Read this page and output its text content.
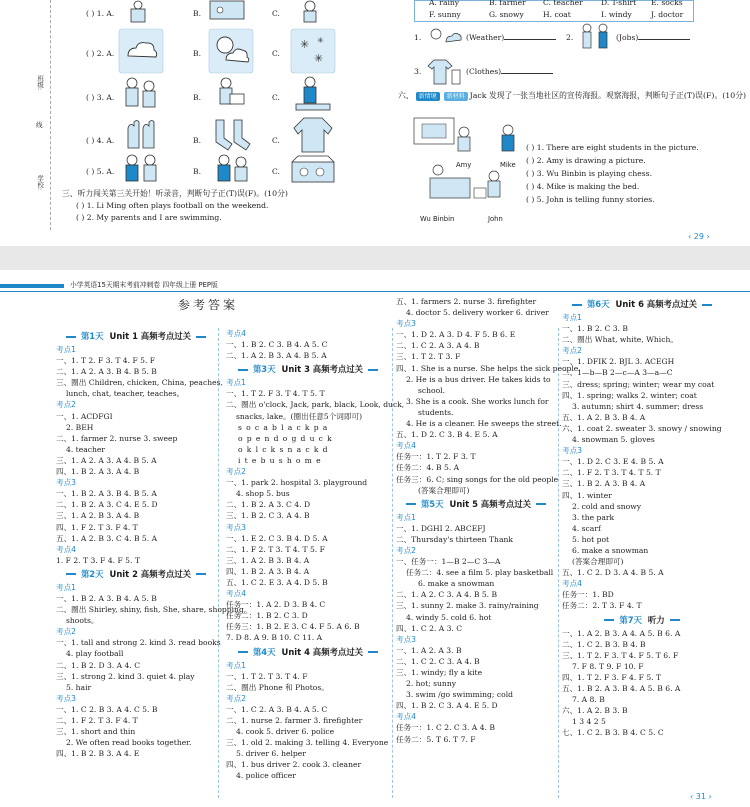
班级:
线
学校:
( ) 1. A.	B.	C.
( ) 2. A.	B.	C.
✳
✳
✳
( ) 3. A.	B.	C.
( ) 4. A.	B.	C.
( ) 5. A.	B.	C.
三、听力闯关第三关开始！听录音，判断句子正(T)误(F)。(10分)
( ) 1. Li Ming often plays football on the weekend.
( ) 2. My parents and I are swimming.
A. rainy	B. farmer C. teacher D. T-shirt E. socks
F. sunny	G. snowy	H. coat	I. windy	J. doctor
1.	(Weather)	2.	(Jobs)
3.	(Clothes)
六、 新情境 新材料 Jack 发现了一张当地社区的宣传海报。观察海报，判断句子正(T)误(F)。(10分)
Amy	Mike
Wu Binbin	John
( ) 1. There are eight students in the picture.
( ) 2. Amy is drawing a picture.
( ) 3. Wu Binbin is playing chess.
( ) 4. Mike is making the bed.
( ) 5. John is telling funny stories.
‹ 29 ›
小学英语15天期末考前冲刺卷 四年级上册 PEP版
参考答案
第1天 Unit 1 高频考点过关
考点1
一、1. T 2. F 3. T 4. F 5. F
二、1. A 2. A 3. B 4. B 5. B
三、圈出 Children, chicken, China, peaches,
lunch, chat, teacher, teaches。
考点2
一、1. ACDFGI
2. BEH
二、1. farmer 2. nurse 3. sweep
4. teacher
三、1. A 2. A 3. A 4. B 5. A
四、1. B 2. A 3. A 4. B
考点3
一、1. B 2. A 3. B 4. B 5. A
二、1. B 2. A 3. C 4. E 5. D
三、1. A 2. B 3. A 4. B
四、1. F 2. T 3. F 4. T
五、1. A 2. B 3. C 4. B 5. A
考点4
1. F 2. T 3. F 4. F 5. T
第2天 Unit 2 高频考点过关
考点1
一、1. B 2. A 3. B 4. A 5. B
二、圈出 Shirley, shiny, fish, She, share, shopping,
shoots。
考点2
一、1. tall and strong 2. kind 3. read books
4. play football
二、1. B 2. D 3. A 4. C
三、1. strong 2. kind 3. quiet 4. play
5. hair
考点3
一、1. C 2. B 3. A 4. C 5. B
二、1. F 2. T 3. F 4. T
三、1. short and thin
2. We often read books together.
四、1. B 2. B 3. A 4. E
考点4
一、1. B 2. C 3. B 4. A 5. C
二、1. A 2. B 3. A 4. B 5. A
第3天 Unit 3 高频考点过关
考点1
一、1. T 2. F 3. T 4. T 5. T
二、圈出 o'clock, Jack, park, black, Look, duck,
snacks, lake。(圈出任意5个词即可)
socablackpa
opendogduck
oklcksnackd
itebushome
考点2
一、1. park 2. hospital 3. playground
4. shop 5. bus
二、1. B 2. A 3. C 4. D
三、1. B 2. C 3. A 4. B
考点3
一、1. E 2. C 3. B 4. D 5. A
二、1. F 2. T 3. T 4. T 5. F
三、1. A 2. B 3. B 4. A
四、1. B 2. A 3. B 4. A
五、1. C 2. E 3. A 4. D 5. B
考点4
任务一：1. A 2. D 3. B 4. C
任务二：1. B 2. C 3. D
任务三：1. B 2. E 3. C 4. F 5. A 6. B
7. D 8. A 9. B 10. C 11. A
第4天 Unit 4 高频考点过关
考点1
一、1. T 2. T 3. T 4. F
二、圈出 Phone 和 Photos。
考点2
一、1. C 2. A 3. B 4. A 5. C
二、1. nurse 2. farmer 3. firefighter
4. cook 5. driver 6. police
三、1. old 2. making 3. telling 4. Everyone
5. driver 6. helper
四、1. bus driver 2. cook 3. cleaner
4. police officer
五、1. farmers 2. nurse 3. firefighter
4. doctor 5. delivery worker 6. driver
考点3
一、1. D 2. A 3. D 4. F 5. B 6. E
二、1. C 2. A 3. A 4. B
三、1. T 2. T 3. F
四、1. She is a nurse. She helps the sick people.
2. He is a bus driver. He takes kids to
school.
3. She is a cook. She works lunch for
students.
4. He is a cleaner. He sweeps the street.
五、1. D 2. C 3. B 4. E 5. A
考点4
任务一：1. T 2. F 3. T
任务二：4. B 5. A
任务三：6. C; sing songs for the old people
(答案合理即可)
第5天 Unit 5 高频考点过关
考点1
一、1. DGHI 2. ABCEFJ
二、Thursday's thirteen Thank
考点2
一、任务一：1—B 2—C 3—A
任务二：4. see a film 5. play basketball
6. make a snowman
二、1. A 2. C 3. A 4. B 5. B
三、1. sunny 2. make 3. rainy/raining
4. windy 5. cold 6. hot
四、1. C 2. A 3. C
考点3
一、1. A 2. A 3. B
二、1. C 2. C 3. A 4. B
三、1. windy; fly a kite
2. hot; sunny
3. swim /go swimming; cold
四、1. B 2. C 3. A 4. E 5. D
考点4
任务一：1. C 2. C 3. A 4. B
任务二：5. T 6. T 7. F
第6天 Unit 6 高频考点过关
考点1
一、1. B 2. C 3. B
二、圈出 What, white, Which。
考点2
一、1. DFIK 2. BJL 3. ACEGH
二、1—b—B 2—c—A 3—a—C
三、dress; spring; winter; wear my coat
四、1. spring; walks 2. winter; coat
3. autumn; shirt 4. summer; dress
五、1. A 2. B 3. B 4. A
六、1. coat 2. sweater 3. snowy / snowing
4. snowman 5. gloves
考点3
一、1. D 2. C 3. E 4. B 5. A
二、1. F 2. T 3. T 4. T 5. T
三、1. B 2. A 3. B 4. A
四、1. winter
2. cold and snowy
3. the park
4. scarf
5. hot pot
6. make a snowman
(答案合理即可)
五、1. C 2. D 3. A 4. B 5. A
考点4
任务一：1. BD
任务二：2. T 3. F 4. T
第7天 听力
一、1. A 2. B 3. A 4. A 5. B 6. A
二、1. C 2. B 3. B 4. B
三、1. T 2. F 3. T 4. F 5. T 6. F
7. F 8. T 9. F 10. F
四、1. T 2. F 3. F 4. F 5. T
五、1. B 2. A 3. B 4. A 5. B 6. A
7. A 8. B
六、1. A 2. B 3. B
1 3 4 2 5
七、1. C 2. B 3. B 4. C 5. C
‹ 31 ›
